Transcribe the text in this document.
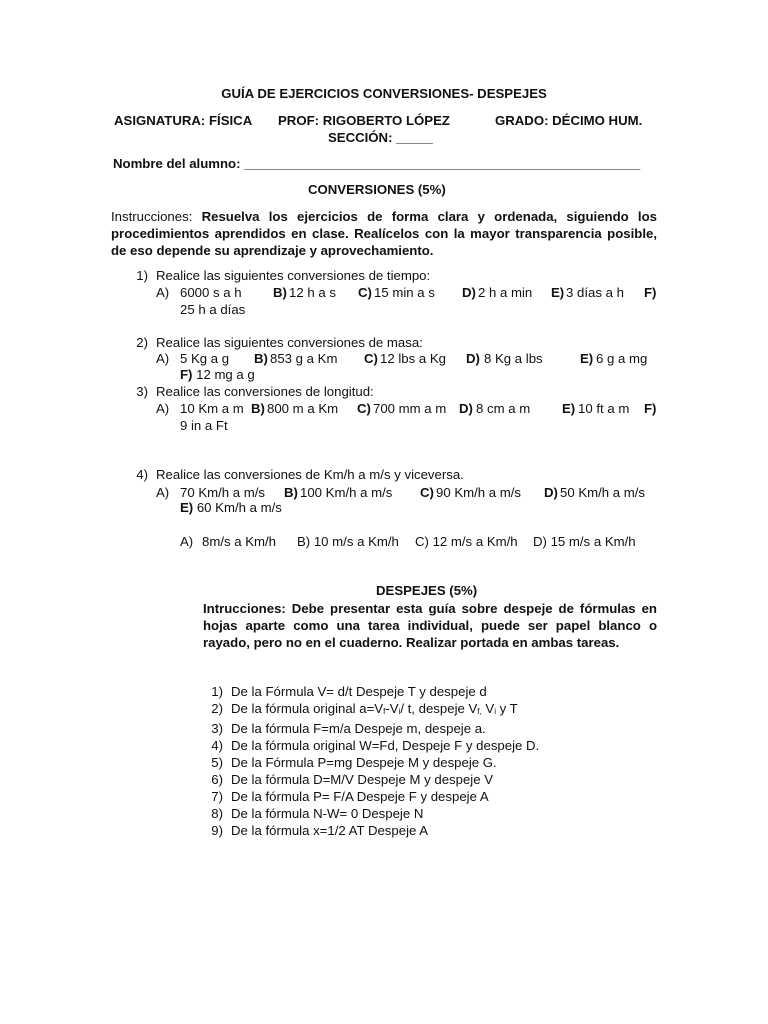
GUÍA DE EJERCICIOS CONVERSIONES- DESPEJES
ASIGNATURA: FÍSICA PROF: RIGOBERTO LÓPEZ	GRADO: DÉCIMO HUM.
SECCIÓN: _____
Nombre del alumno: ______________________________________________________
CONVERSIONES (5%)
Instrucciones: Resuelva los ejercicios de forma clara y ordenada, siguiendo los procedimientos aprendidos en clase. Realícelos con la mayor transparencia posible, de eso depende su aprendizaje y aprovechamiento.
1) Realice las siguientes conversiones de tiempo:
A) 6000 s a h B) 12 h a s C) 15 min a s D) 2 h a min E) 3 días a h F)
25 h a días
2) Realice las siguientes conversiones de masa:
A) 5 Kg a g B) 853 g a Km C) 12 lbs a Kg D) 8 Kg a lbs	E) 6 g a mg
F) 12 mg a g
3) Realice las conversiones de longitud:
A) 10 Km a m B) 800 m a Km C) 700 mm a m D) 8 cm a m E) 10 ft a m F)
9 in a Ft
4) Realice las conversiones de Km/h a m/s y viceversa.
A) 70 Km/h a m/s B) 100 Km/h a m/s C) 90 Km/h a m/s D) 50 Km/h a m/s
E) 60 Km/h a m/s
A) 8m/s a Km/h B) 10 m/s a Km/h C) 12 m/s a Km/h D) 15 m/s a Km/h
DESPEJES (5%)
Intrucciones: Debe presentar esta guía sobre despeje de fórmulas en hojas aparte como una tarea individual, puede ser papel blanco o rayado, pero no en el cuaderno. Realizar portada en ambas tareas.
1) De la Fórmula V= d/t Despeje T y despeje d
2) De la fórmula original $a=V_f-V_i/$ t, despeje $V_{f,}$ $V_i$ y T
3) De la fórmula F=m/a Despeje m, despeje a.
4) De la fórmula original W=Fd, Despeje F y despeje D.
5) De la Fórmula P=mg Despeje M y despeje G.
6) De la fórmula D=M/V Despeje M y despeje V
7) De la fórmula P= F/A Despeje F y despeje A
8) De la fórmula N-W= 0 Despeje N
9) De la fórmula x=1/2 AT Despeje A
